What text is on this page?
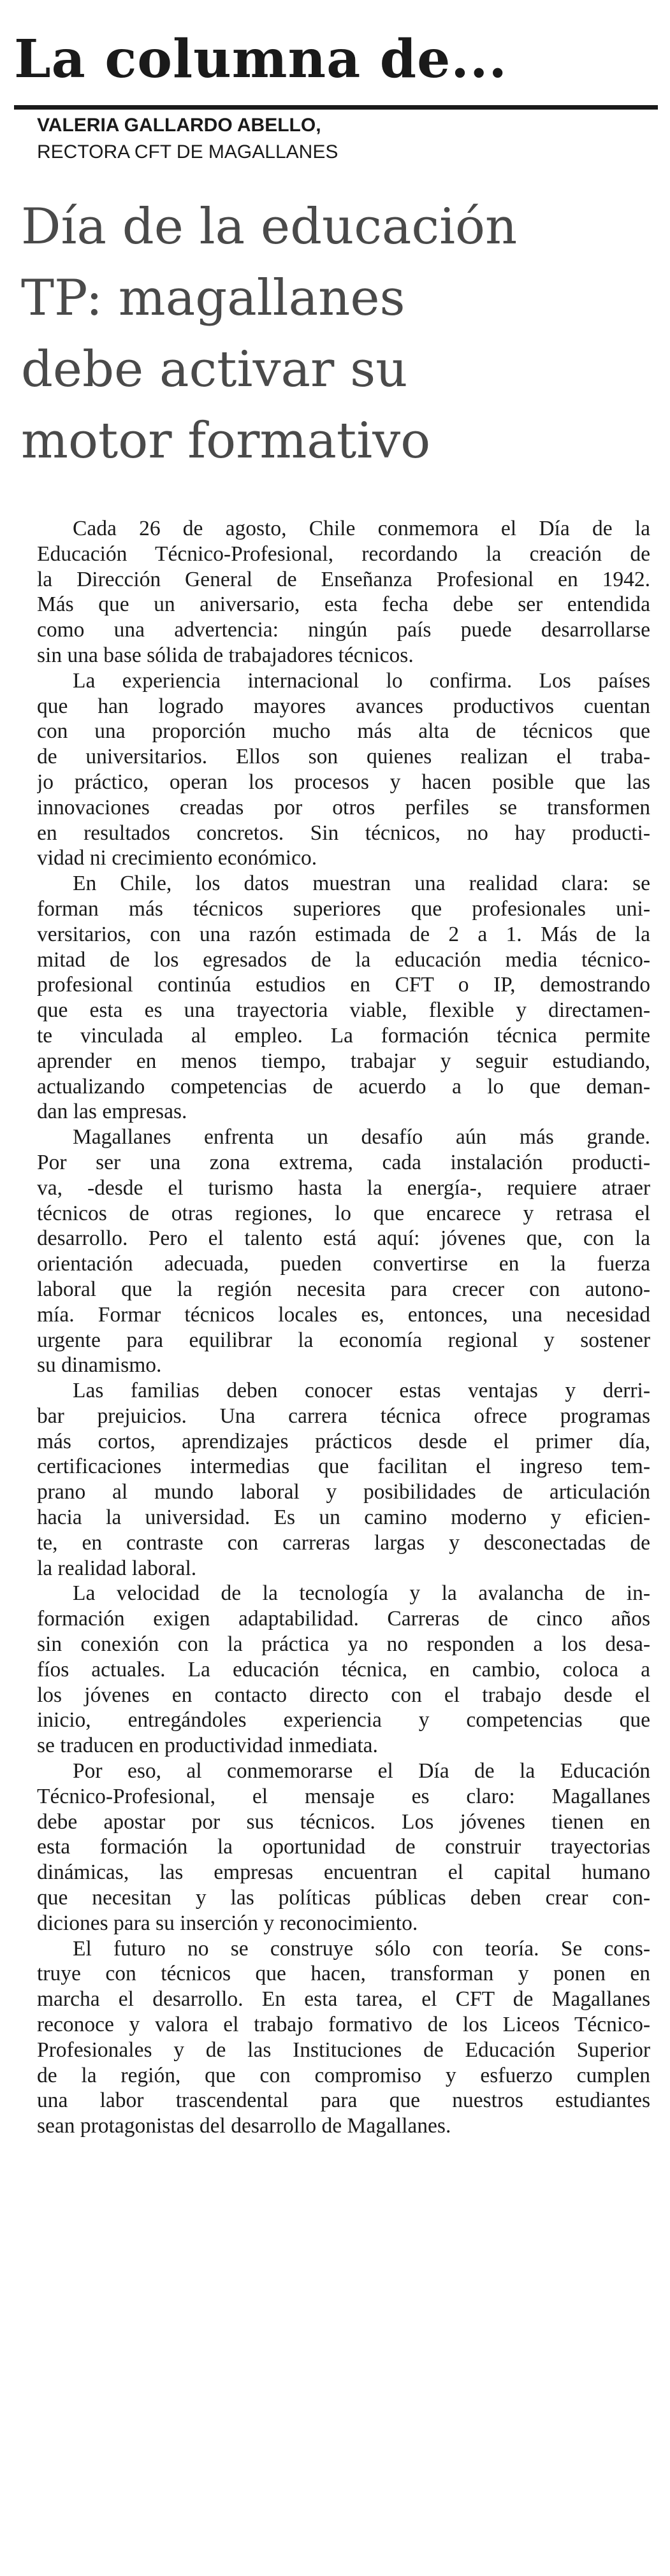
La columna de...
VALERIA GALLARDO ABELLO,
RECTORA CFT DE MAGALLANES
Día de la educación
TP: magallanes
debe activar su
motor formativo

Cada 26 de agosto, Chile conmemora el Día de la
Educación Técnico-Profesional, recordando la creación de
la Dirección General de Enseñanza Profesional en 1942.
Más que un aniversario, esta fecha debe ser entendida
como una advertencia: ningún país puede desarrollarse
sin una base sólida de trabajadores técnicos.

La experiencia internacional lo confirma. Los países
que han logrado mayores avances productivos cuentan
con una proporción mucho más alta de técnicos que
de universitarios. Ellos son quienes realizan el traba-
jo práctico, operan los procesos y hacen posible que las
innovaciones creadas por otros perfiles se transformen
en resultados concretos. Sin técnicos, no hay producti-
vidad ni crecimiento económico.

En Chile, los datos muestran una realidad clara: se
forman más técnicos superiores que profesionales uni-
versitarios, con una razón estimada de 2 a 1. Más de la
mitad de los egresados de la educación media técnico-
profesional continúa estudios en CFT o IP, demostrando
que esta es una trayectoria viable, flexible y directamen-
te vinculada al empleo. La formación técnica permite
aprender en menos tiempo, trabajar y seguir estudiando,
actualizando competencias de acuerdo a lo que deman-
dan las empresas.

Magallanes enfrenta un desafío aún más grande.
Por ser una zona extrema, cada instalación producti-
va, -desde el turismo hasta la energía-, requiere atraer
técnicos de otras regiones, lo que encarece y retrasa el
desarrollo. Pero el talento está aquí: jóvenes que, con la
orientación adecuada, pueden convertirse en la fuerza
laboral que la región necesita para crecer con autono-
mía. Formar técnicos locales es, entonces, una necesidad
urgente para equilibrar la economía regional y sostener
su dinamismo.

Las familias deben conocer estas ventajas y derri-
bar prejuicios. Una carrera técnica ofrece programas
más cortos, aprendizajes prácticos desde el primer día,
certificaciones intermedias que facilitan el ingreso tem-
prano al mundo laboral y posibilidades de articulación
hacia la universidad. Es un camino moderno y eficien-
te, en contraste con carreras largas y desconectadas de
la realidad laboral.

La velocidad de la tecnología y la avalancha de in-
formación exigen adaptabilidad. Carreras de cinco años
sin conexión con la práctica ya no responden a los desa-
fíos actuales. La educación técnica, en cambio, coloca a
los jóvenes en contacto directo con el trabajo desde el
inicio, entregándoles experiencia y competencias que
se traducen en productividad inmediata.

Por eso, al conmemorarse el Día de la Educación
Técnico-Profesional, el mensaje es claro: Magallanes
debe apostar por sus técnicos. Los jóvenes tienen en
esta formación la oportunidad de construir trayectorias
dinámicas, las empresas encuentran el capital humano
que necesitan y las políticas públicas deben crear con-
diciones para su inserción y reconocimiento.

El futuro no se construye sólo con teoría. Se cons-
truye con técnicos que hacen, transforman y ponen en
marcha el desarrollo. En esta tarea, el CFT de Magallanes
reconoce y valora el trabajo formativo de los Liceos Técnico-
Profesionales y de las Instituciones de Educación Superior
de la región, que con compromiso y esfuerzo cumplen
una labor trascendental para que nuestros estudiantes
sean protagonistas del desarrollo de Magallanes.
